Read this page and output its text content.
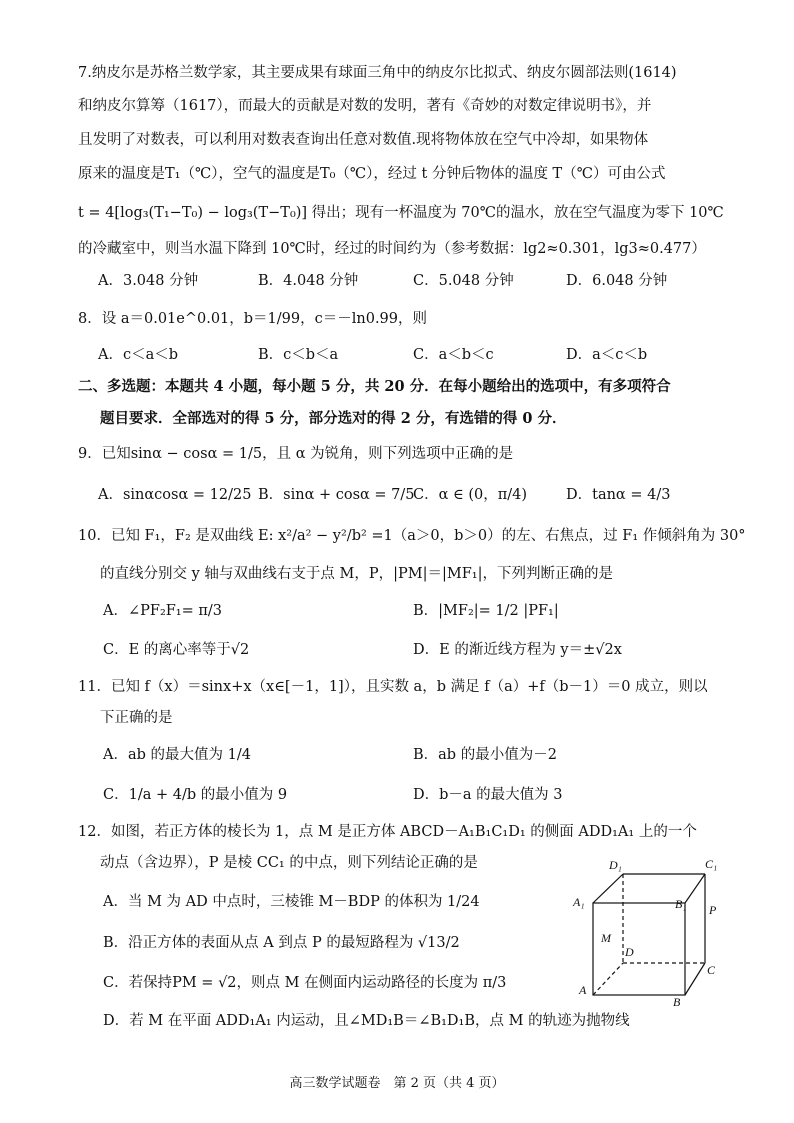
7.纳皮尔是苏格兰数学家，其主要成果有球面三角中的纳皮尔比拟式、纳皮尔圆部法则(1614)
和纳皮尔算筹（1617），而最大的贡献是对数的发明，著有《奇妙的对数定律说明书》，并
且发明了对数表，可以利用对数表查询出任意对数值.现将物体放在空气中冷却，如果物体
原来的温度是T₁（℃），空气的温度是T₀（℃），经过 t 分钟后物体的温度 T（℃）可由公式
t = 4[log₃(T₁−T₀) − log₃(T−T₀)] 得出；现有一杯温度为 70℃的温水，放在空气温度为零下 10℃
的冷藏室中，则当水温下降到 10℃时，经过的时间约为（参考数据：lg2≈0.301，lg3≈0.477）
A．3.048 分钟	B．4.048 分钟	C．5.048 分钟	D．6.048 分钟
8．设 a＝0.01e^0.01，b＝1/99，c＝－ln0.99，则
A．c＜a＜b	B．c＜b＜a	C．a＜b＜c	D．a＜c＜b
二、多选题：本题共 4 小题，每小题 5 分，共 20 分．在每小题给出的选项中，有多项符合
题目要求．全部选对的得 5 分，部分选对的得 2 分，有选错的得 0 分．
9．已知sinα − cosα = 1/5，且 α 为锐角，则下列选项中正确的是
A．sinαcosα = 12/25 B．sinα + cosα = 7/5
C．α ∈ (0，π/4)	D．tanα = 4/3
10．已知 F₁，F₂ 是双曲线 E: x²/a² − y²/b² =1（a＞0，b＞0）的左、右焦点，过 F₁ 作倾斜角为 30°
的直线分别交 y 轴与双曲线右支于点 M，P，|PM|＝|MF₁|，下列判断正确的是
A．∠PF₂F₁= π/3	B．|MF₂|= 1/2 |PF₁|
C．E 的离心率等于√2	D．E 的渐近线方程为 y＝±√2x
11．已知 f（x）＝sinx+x（x∈[－1，1]），且实数 a，b 满足 f（a）+f（b－1）＝0 成立，则以
下正确的是
A．ab 的最大值为 1/4	B．ab 的最小值为－2
C．1/a + 4/b 的最小值为 9	D．b－a 的最大值为 3
12．如图，若正方体的棱长为 1，点 M 是正方体 ABCD－A₁B₁C₁D₁ 的侧面 ADD₁A₁ 上的一个
动点（含边界），P 是棱 CC₁ 的中点，则下列结论正确的是
A．当 M 为 AD 中点时，三棱锥 M－BDP 的体积为 1/24
B．沿正方体的表面从点 A 到点 P 的最短路程为 √13/2
C．若保持PM = √2，则点 M 在侧面内运动路径的长度为 π/3
D．若 M 在平面 ADD₁A₁ 内运动，且∠MD₁B＝∠B₁D₁B，点 M 的轨迹为抛物线
D₁	C₁
A₁	B₁ P
M
D
C
A
B
高三数学试题卷　第 2 页（共 4 页）
